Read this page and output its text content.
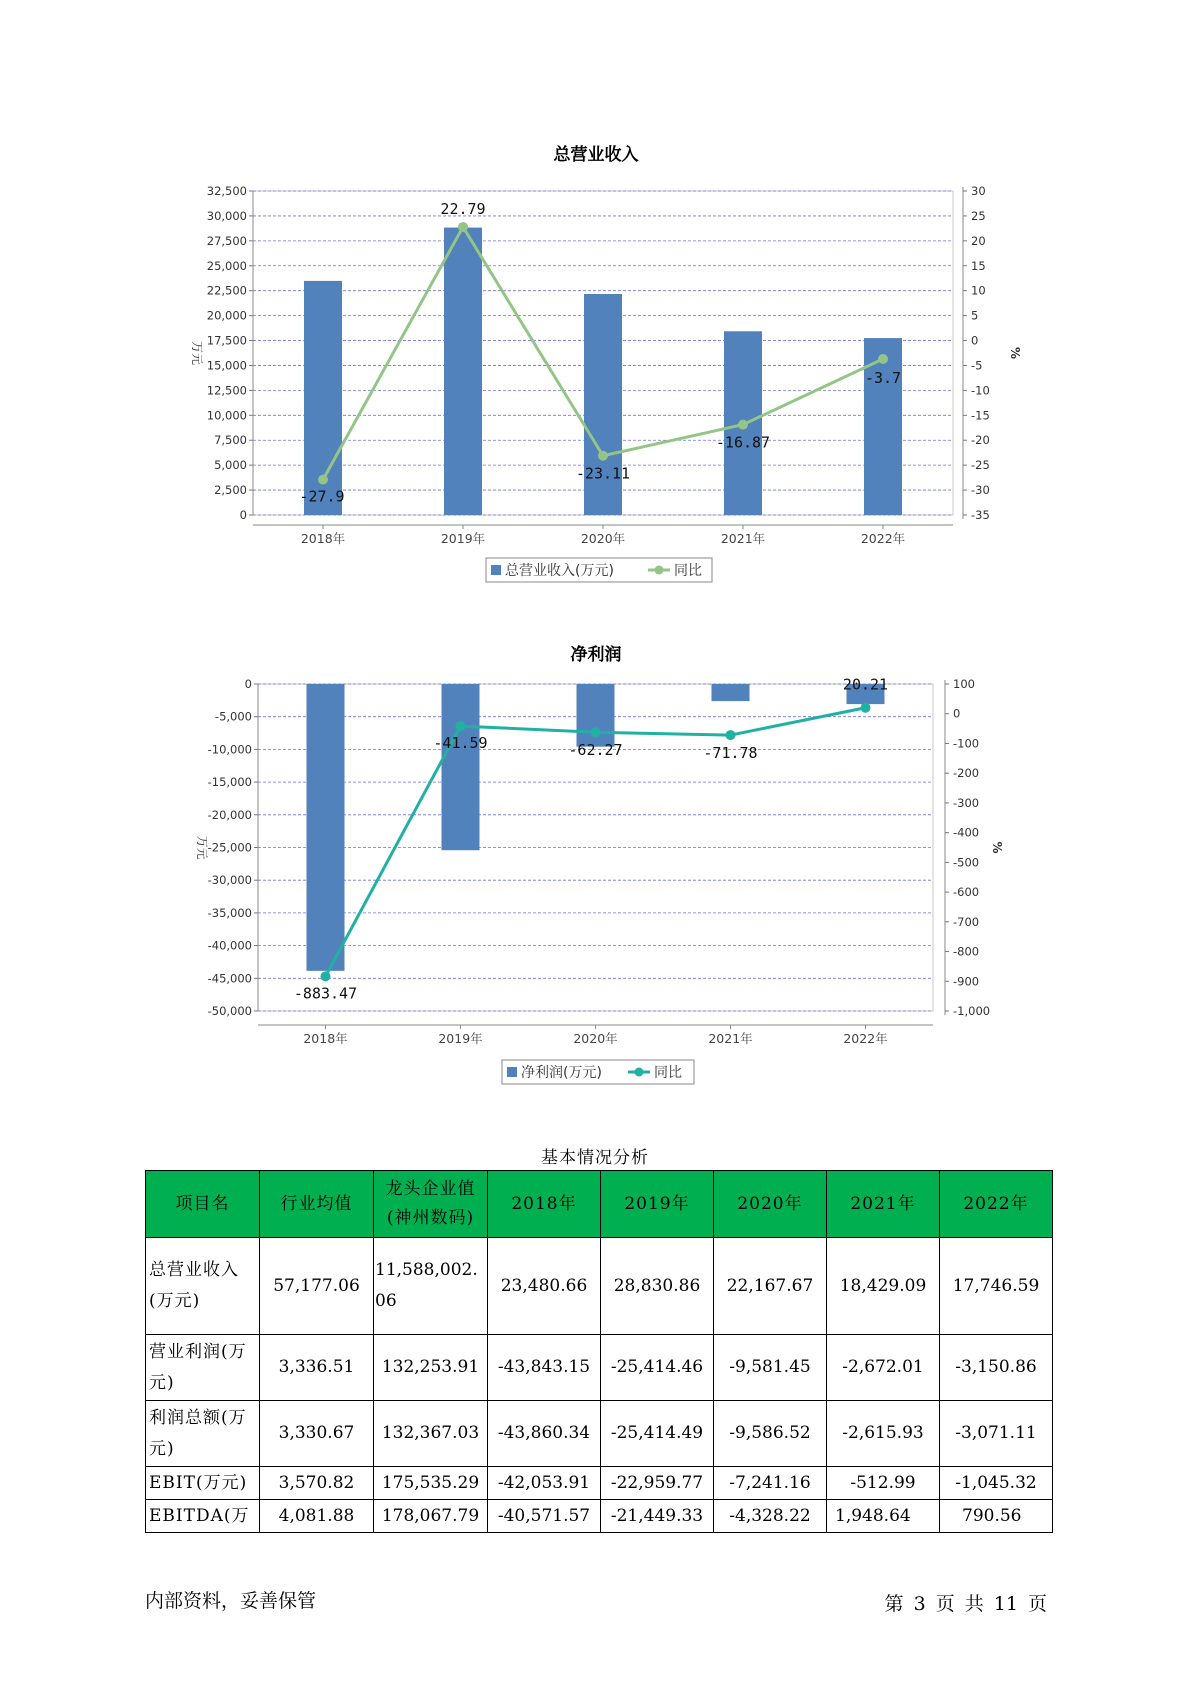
总营业收入
0
2,500
5,000
7,500
10,000
12,500
15,000
17,500
20,000
22,500
25,000
27,500
30,000
32,500	30
25
20
15
10
5
0
-5
-10
-15
-20
-25
-30
-35
万元	%
2018年	2019年	2020年	2021年	2022年
-27.9
22.79
-23.11
-16.87
-3.7
总营业收入(万元)	同比
净利润
0
-5,000
-10,000
-15,000
-20,000
-25,000
-30,000
-35,000
-40,000
-45,000
-50,000
100
0
-100
-200
-300
-400
-500
-600
-700
-800
-900
-1,000
万元	%
2018年	2019年	2020年	2021年	2022年
-883.47
-41.59	-62.27	-71.78
20.21
净利润(万元)	同比
基本情况分析
项目名	行业均值	龙头企业值(神州数码)	2018年	2019年	2020年	2021年	2022年
总营业收入(万元)	57,177.06	11,588,002.06	23,480.66	28,830.86	22,167.67	18,429.09	17,746.59
营业利润(万元)	3,336.51	132,253.91	-43,843.15	-25,414.46	-9,581.45	-2,672.01	-3,150.86
利润总额(万元)	3,330.67	132,367.03	-43,860.34	-25,414.49	-9,586.52	-2,615.93	-3,071.11
EBIT(万元)	3,570.82	175,535.29	-42,053.91	-22,959.77	-7,241.16	-512.99	-1,045.32
EBITDA(万	4,081.88	178,067.79	-40,571.57	-21,449.33	-4,328.22	1,948.64	790.56
内部资料，妥善保管	第 3 页 共 11 页
